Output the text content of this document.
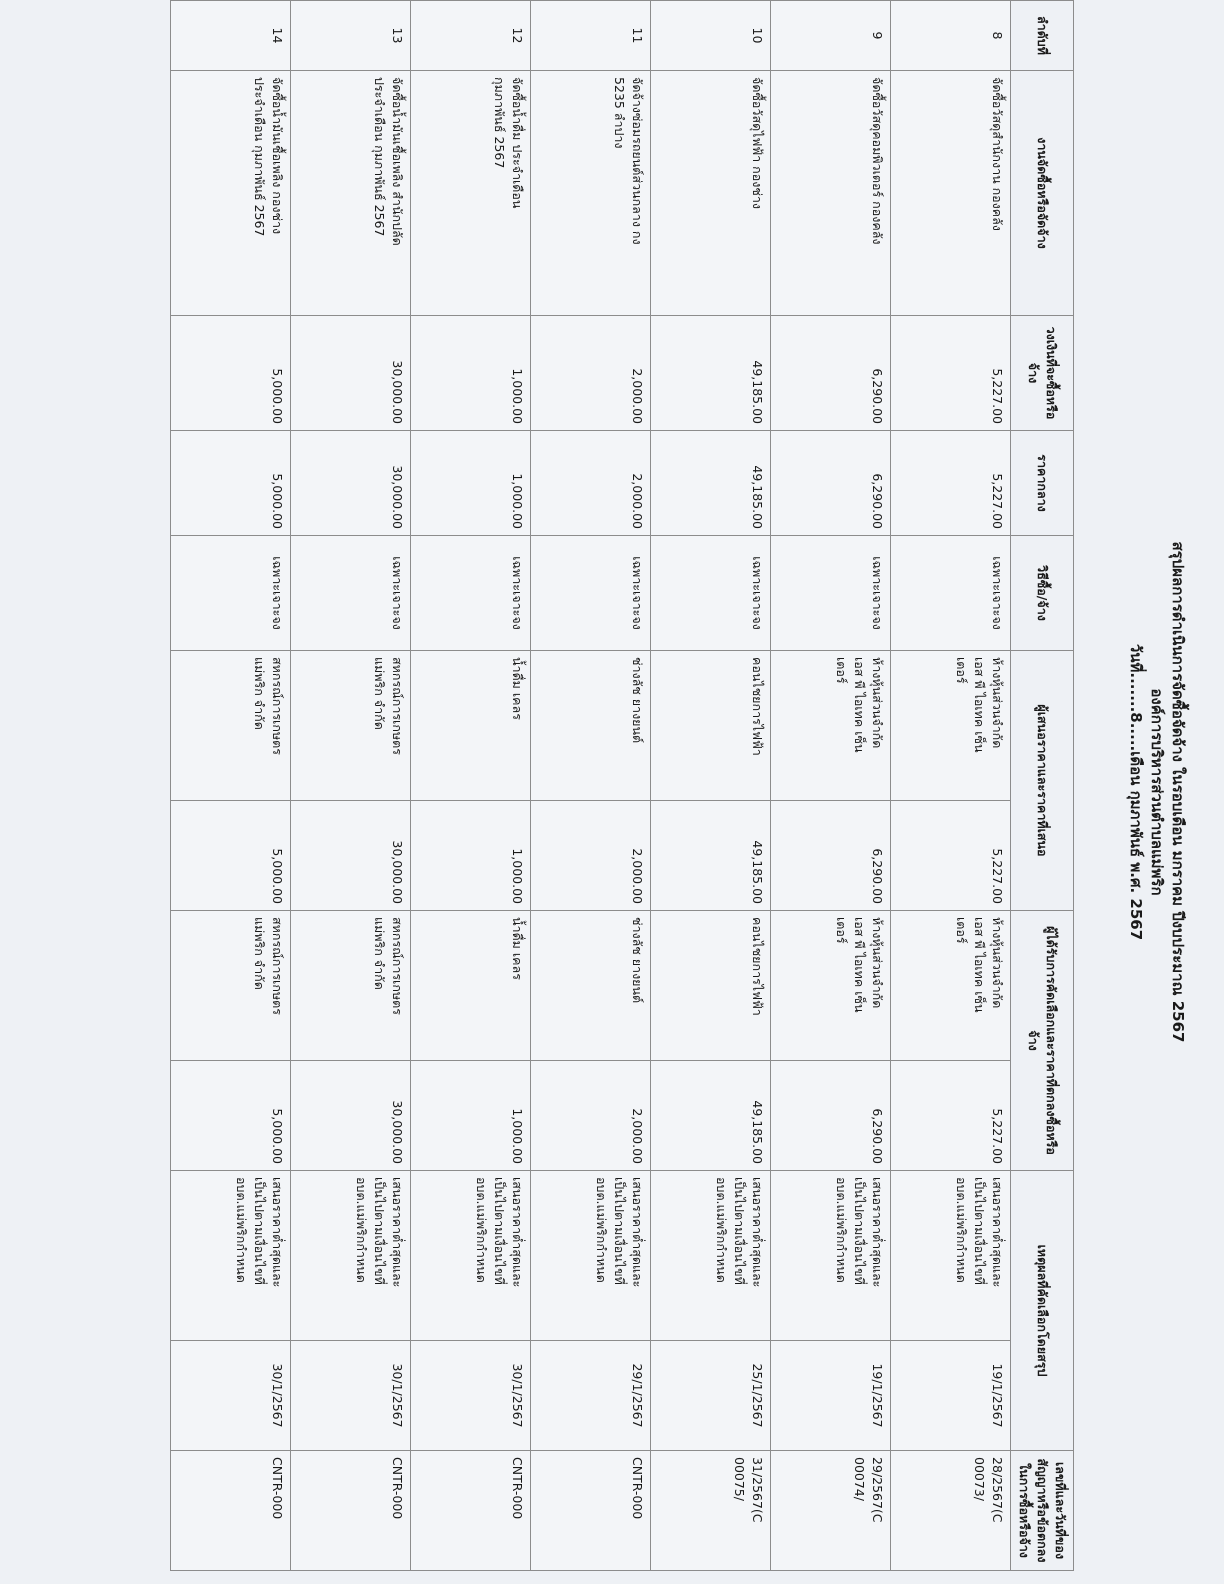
สรุปผลการดำเนินการจัดซื้อจัดจ้าง ในรอบเดือน มกราคม ปีงบประมาณ 2567
องค์การบริหารส่วนตำบลแม่พริก
วันที่.......8.....เดือน กุมภาพันธ์ พ.ศ. 2567
ลำดับที่	งานจัดซื้อหรือจัดจ้าง	วงเงินที่จะซื้อหรือจ้าง	ราคากลาง	วิธีซื้อ/จ้าง	ผู้เสนอราคาและราคาที่เสนอ		ผู้ได้รับการคัดเลือกและราคาที่ตกลงซื้อหรือจ้าง		เหตุผลที่คัดเลือกโดยสรุป		เลขที่และวันที่ของสัญญาหรือข้อตกลงในการซื้อหรือจ้าง
8	จัดซื้อวัสดุสำนักงาน กองคลัง	5,227.00	5,227.00	เฉพาะเจาะจง	ห้างหุ้นส่วนจำกัด
เอส พี ไอเทค เซ็น
เตอร์	5,227.00	ห้างหุ้นส่วนจำกัด
เอส พี ไอเทค เซ็น
เตอร์	5,227.00	เสนอราคาต่ำสุดและ
เป็นไปตามเงื่อนไขที่
อบต.แม่พริกกำหนด	19/1/2567	28/2567(C
00073/
9	จัดซื้อวัสดุคอมพิวเตอร์ กองคลัง	6,290.00	6,290.00	เฉพาะเจาะจง	ห้างหุ้นส่วนจำกัด
เอส พี ไอเทค เซ็น
เตอร์	6,290.00	ห้างหุ้นส่วนจำกัด
เอส พี ไอเทค เซ็น
เตอร์	6,290.00	เสนอราคาต่ำสุดและ
เป็นไปตามเงื่อนไขที่
อบต.แม่พริกกำหนด	19/1/2567	29/2567(C
00074/
10	จัดซื้อวัสดุไฟฟ้า กองช่าง	49,185.00	49,185.00	เฉพาะเจาะจง	คอนไชยการไฟฟ้า	49,185.00	คอนไชยการไฟฟ้า	49,185.00	เสนอราคาต่ำสุดและ
เป็นไปตามเงื่อนไขที่
อบต.แม่พริกกำหนด	25/1/2567	31/2567(C
00075/
11	จัดจ้างซ่อมรถยนต์ส่วนกลาง กง
5235 ลำปาง	2,000.00	2,000.00	เฉพาะเจาะจง	ช่างลัช ยางยนต์	2,000.00	ช่างลัช ยางยนต์	2,000.00	เสนอราคาต่ำสุดและ
เป็นไปตามเงื่อนไขที่
อบต.แม่พริกกำหนด	29/1/2567	CNTR-000
12	จัดซื้อน้ำดื่ม ประจำเดือน
กุมภาพันธ์ 2567	1,000.00	1,000.00	เฉพาะเจาะจง	น้ำดื่ม เคลร	1,000.00	น้ำดื่ม เคลร	1,000.00	เสนอราคาต่ำสุดและ
เป็นไปตามเงื่อนไขที่
อบต.แม่พริกกำหนด	30/1/2567	CNTR-000
13	จัดซื้อน้ำมันเชื้อเพลิง สำนักปลัด
ประจำเดือน กุมภาพันธ์ 2567	30,000.00	30,000.00	เฉพาะเจาะจง	สหกรณ์การเกษตร
แม่พริก จำกัด	30,000.00	สหกรณ์การเกษตร
แม่พริก จำกัด	30,000.00	เสนอราคาต่ำสุดและ
เป็นไปตามเงื่อนไขที่
อบต.แม่พริกกำหนด	30/1/2567	CNTR-000
14	จัดซื้อน้ำมันเชื้อเพลิง กองช่าง
ประจำเดือน กุมภาพันธ์ 2567	5,000.00	5,000.00	เฉพาะเจาะจง	สหกรณ์การเกษตร
แม่พริก จำกัด	5,000.00	สหกรณ์การเกษตร
แม่พริก จำกัด	5,000.00	เสนอราคาต่ำสุดและ
เป็นไปตามเงื่อนไขที่
อบต.แม่พริกกำหนด	30/1/2567	CNTR-000
